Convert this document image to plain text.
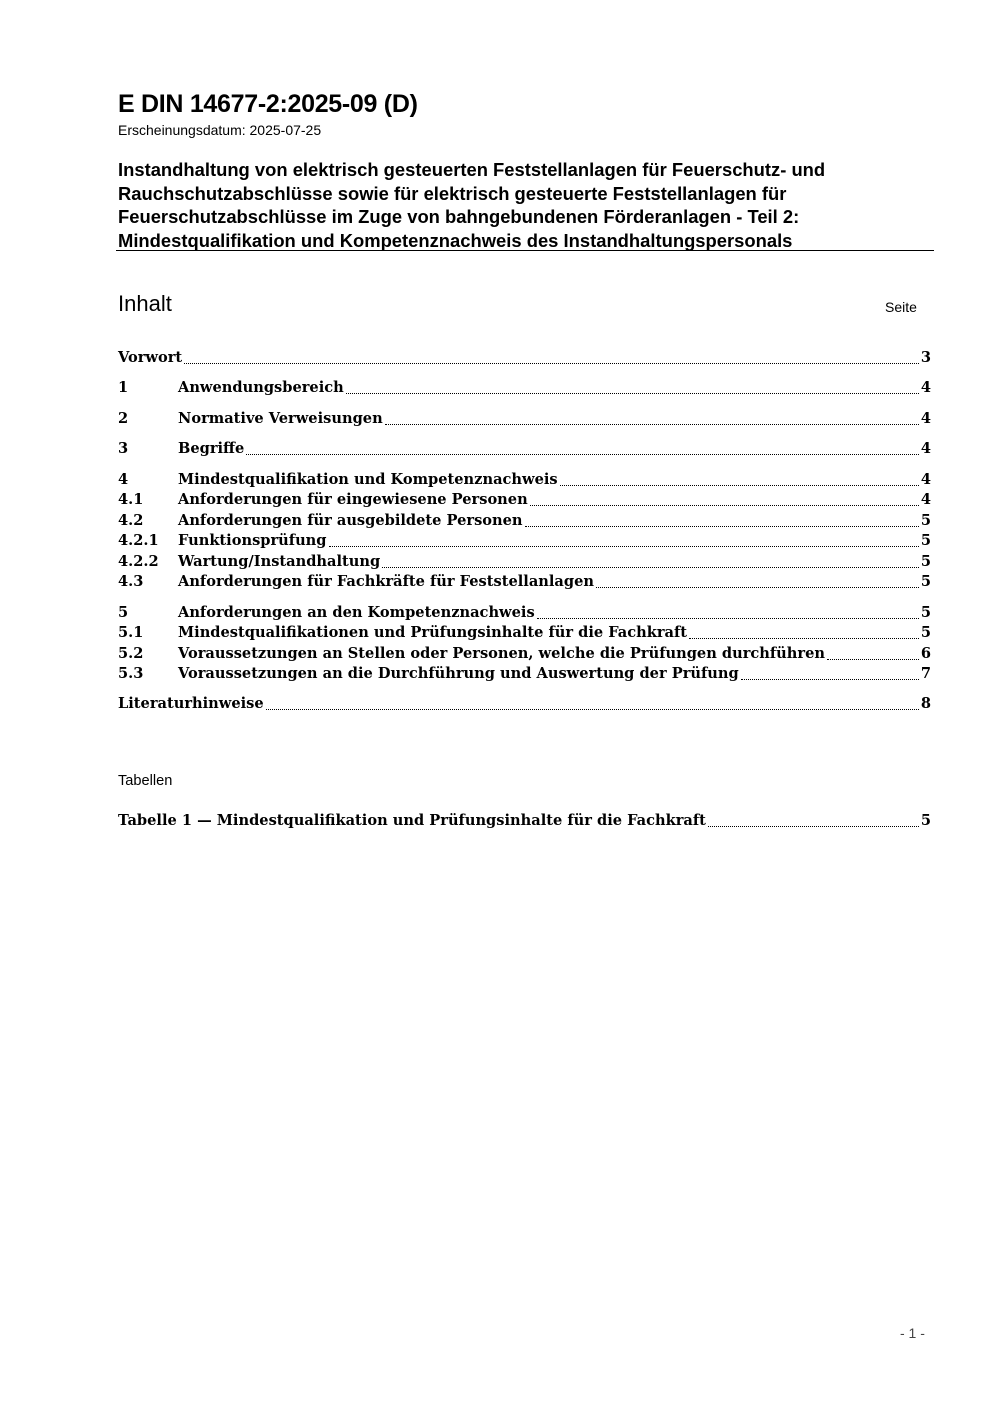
E DIN 14677-2:2025-09 (D)
Erscheinungsdatum: 2025-07-25
Instandhaltung von elektrisch gesteuerten Feststellanlagen für Feuerschutz- und
Rauchschutzabschlüsse sowie für elektrisch gesteuerte Feststellanlagen für
Feuerschutzabschlüsse im Zuge von bahngebundenen Förderanlagen - Teil 2:
Mindestqualifikation und Kompetenznachweis des Instandhaltungspersonals
Inhalt	Seite
Vorwort	3
1	Anwendungsbereich	4
2	Normative Verweisungen	4
3	Begriffe	4
4	Mindestqualifikation und Kompetenznachweis	4
4.1	Anforderungen für eingewiesene Personen	4
4.2	Anforderungen für ausgebildete Personen	5
4.2.1	Funktionsprüfung	5
4.2.2	Wartung/Instandhaltung	5
4.3	Anforderungen für Fachkräfte für Feststellanlagen	5
5	Anforderungen an den Kompetenznachweis	5
5.1	Mindestqualifikationen und Prüfungsinhalte für die Fachkraft	5
5.2	Voraussetzungen an Stellen oder Personen, welche die Prüfungen durchführen	6
5.3	Voraussetzungen an die Durchführung und Auswertung der Prüfung	7
Literaturhinweise	8
Tabellen
Tabelle 1 — Mindestqualifikation und Prüfungsinhalte für die Fachkraft	5
- 1 -
